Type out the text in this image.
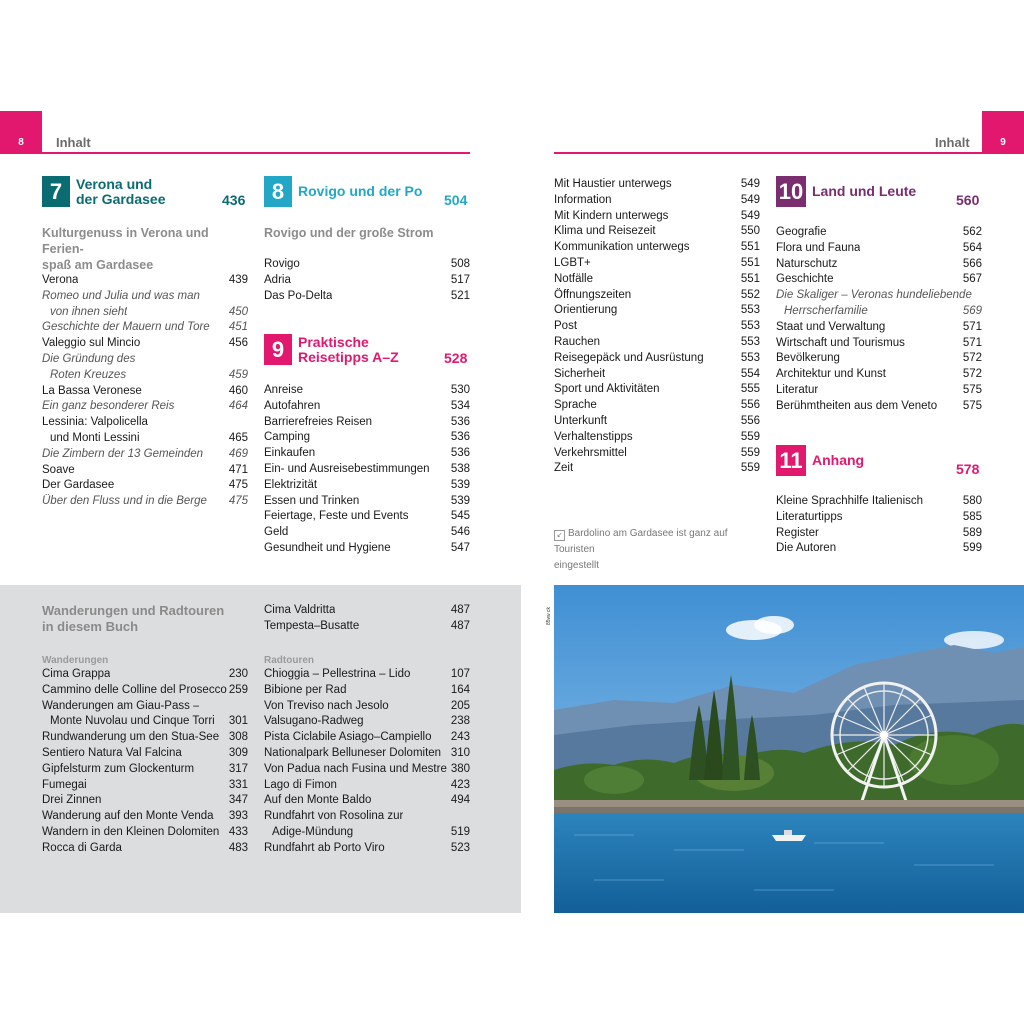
8	9
Inhalt	Inhalt
7 Verona und
der Gardasee	436
Kulturgenuss in Verona und Ferien-
spaß am Gardasee
Verona	439
Romeo und Julia und was man
von ihnen sieht	450
Geschichte der Mauern und Tore 451
Valeggio sul Mincio	456
Die Gründung des
Roten Kreuzes	459
La Bassa Veronese	460
Ein ganz besonderer Reis	464
Lessinia: Valpolicella
und Monti Lessini	465
Die Zimbern der 13 Gemeinden 469
Soave	471
Der Gardasee	475
Über den Fluss und in die Berge 475
8 Rovigo und der Po
504
Rovigo und der große Strom
Rovigo	508
Adria	517
Das Po-Delta	521
9 Praktische
Reisetipps A–Z	528
Anreise	530
Autofahren	534
Barrierefreies Reisen	536
Camping	536
Einkaufen	536
Ein- und Ausreisebestimmungen 538
Elektrizität	539
Essen und Trinken	539
Feiertage, Feste und Events	545
Geld	546
Gesundheit und Hygiene	547
Mit Haustier unterwegs	549
Information	549
Mit Kindern unterwegs	549
Klima und Reisezeit	550
Kommunikation unterwegs	551
LGBT+	551
Notfälle	551
Öffnungszeiten	552
Orientierung	553
Post	553
Rauchen	553
Reisegepäck und Ausrüstung	553
Sicherheit	554
Sport und Aktivitäten	555
Sprache	556
Unterkunft	556
Verhaltenstipps	559
Verkehrsmittel	559
Zeit	559
10 Land und Leute
560
Geografie	562
Flora und Fauna	564
Naturschutz	566
Geschichte	567
Die Skaliger – Veronas hundeliebende
Herrscherfamilie	569
Staat und Verwaltung	571
Wirtschaft und Tourismus	571
Bevölkerung	572
Architektur und Kunst	572
Literatur	575
Berühmtheiten aus dem Veneto 575
11 Anhang
578
Kleine Sprachhilfe Italienisch	580
Literaturtipps	585
Register	589
Die Autoren	599
↙ Bardolino am Gardasee ist ganz auf Touristen
eingestellt
Wanderungen und Radtouren
in diesem Buch
Wanderungen
Cima Grappa	230
Cammino delle Colline del Prosecco 259
Wanderungen am Giau-Pass –
Monte Nuvolau und Cinque Torri 301
Rundwanderung um den Stua-See 308
Sentiero Natura Val Falcina	309
Gipfelsturm zum Glockenturm	317
Fumegai	331
Drei Zinnen	347
Wanderung auf den Monte Venda 393
Wandern in den Kleinen Dolomiten 433
Rocca di Garda	483
Cima Valdritta	487
Tempesta–Busatte	487
Radtouren
Chioggia – Pellestrina – Lido	107
Bibione per Rad	164
Von Treviso nach Jesolo	205
Valsugano-Radweg	238
Pista Ciclabile Asiago–Campiello 243
Nationalpark Belluneser Dolomiten 310
Von Padua nach Fusina und Mestre 380
Lago di Fimon	423
Auf den Monte Baldo	494
Rundfahrt von Rosolina zur
Adige-Mündung	519
Rundfahrt ab Porto Viro	523
85vw ck
